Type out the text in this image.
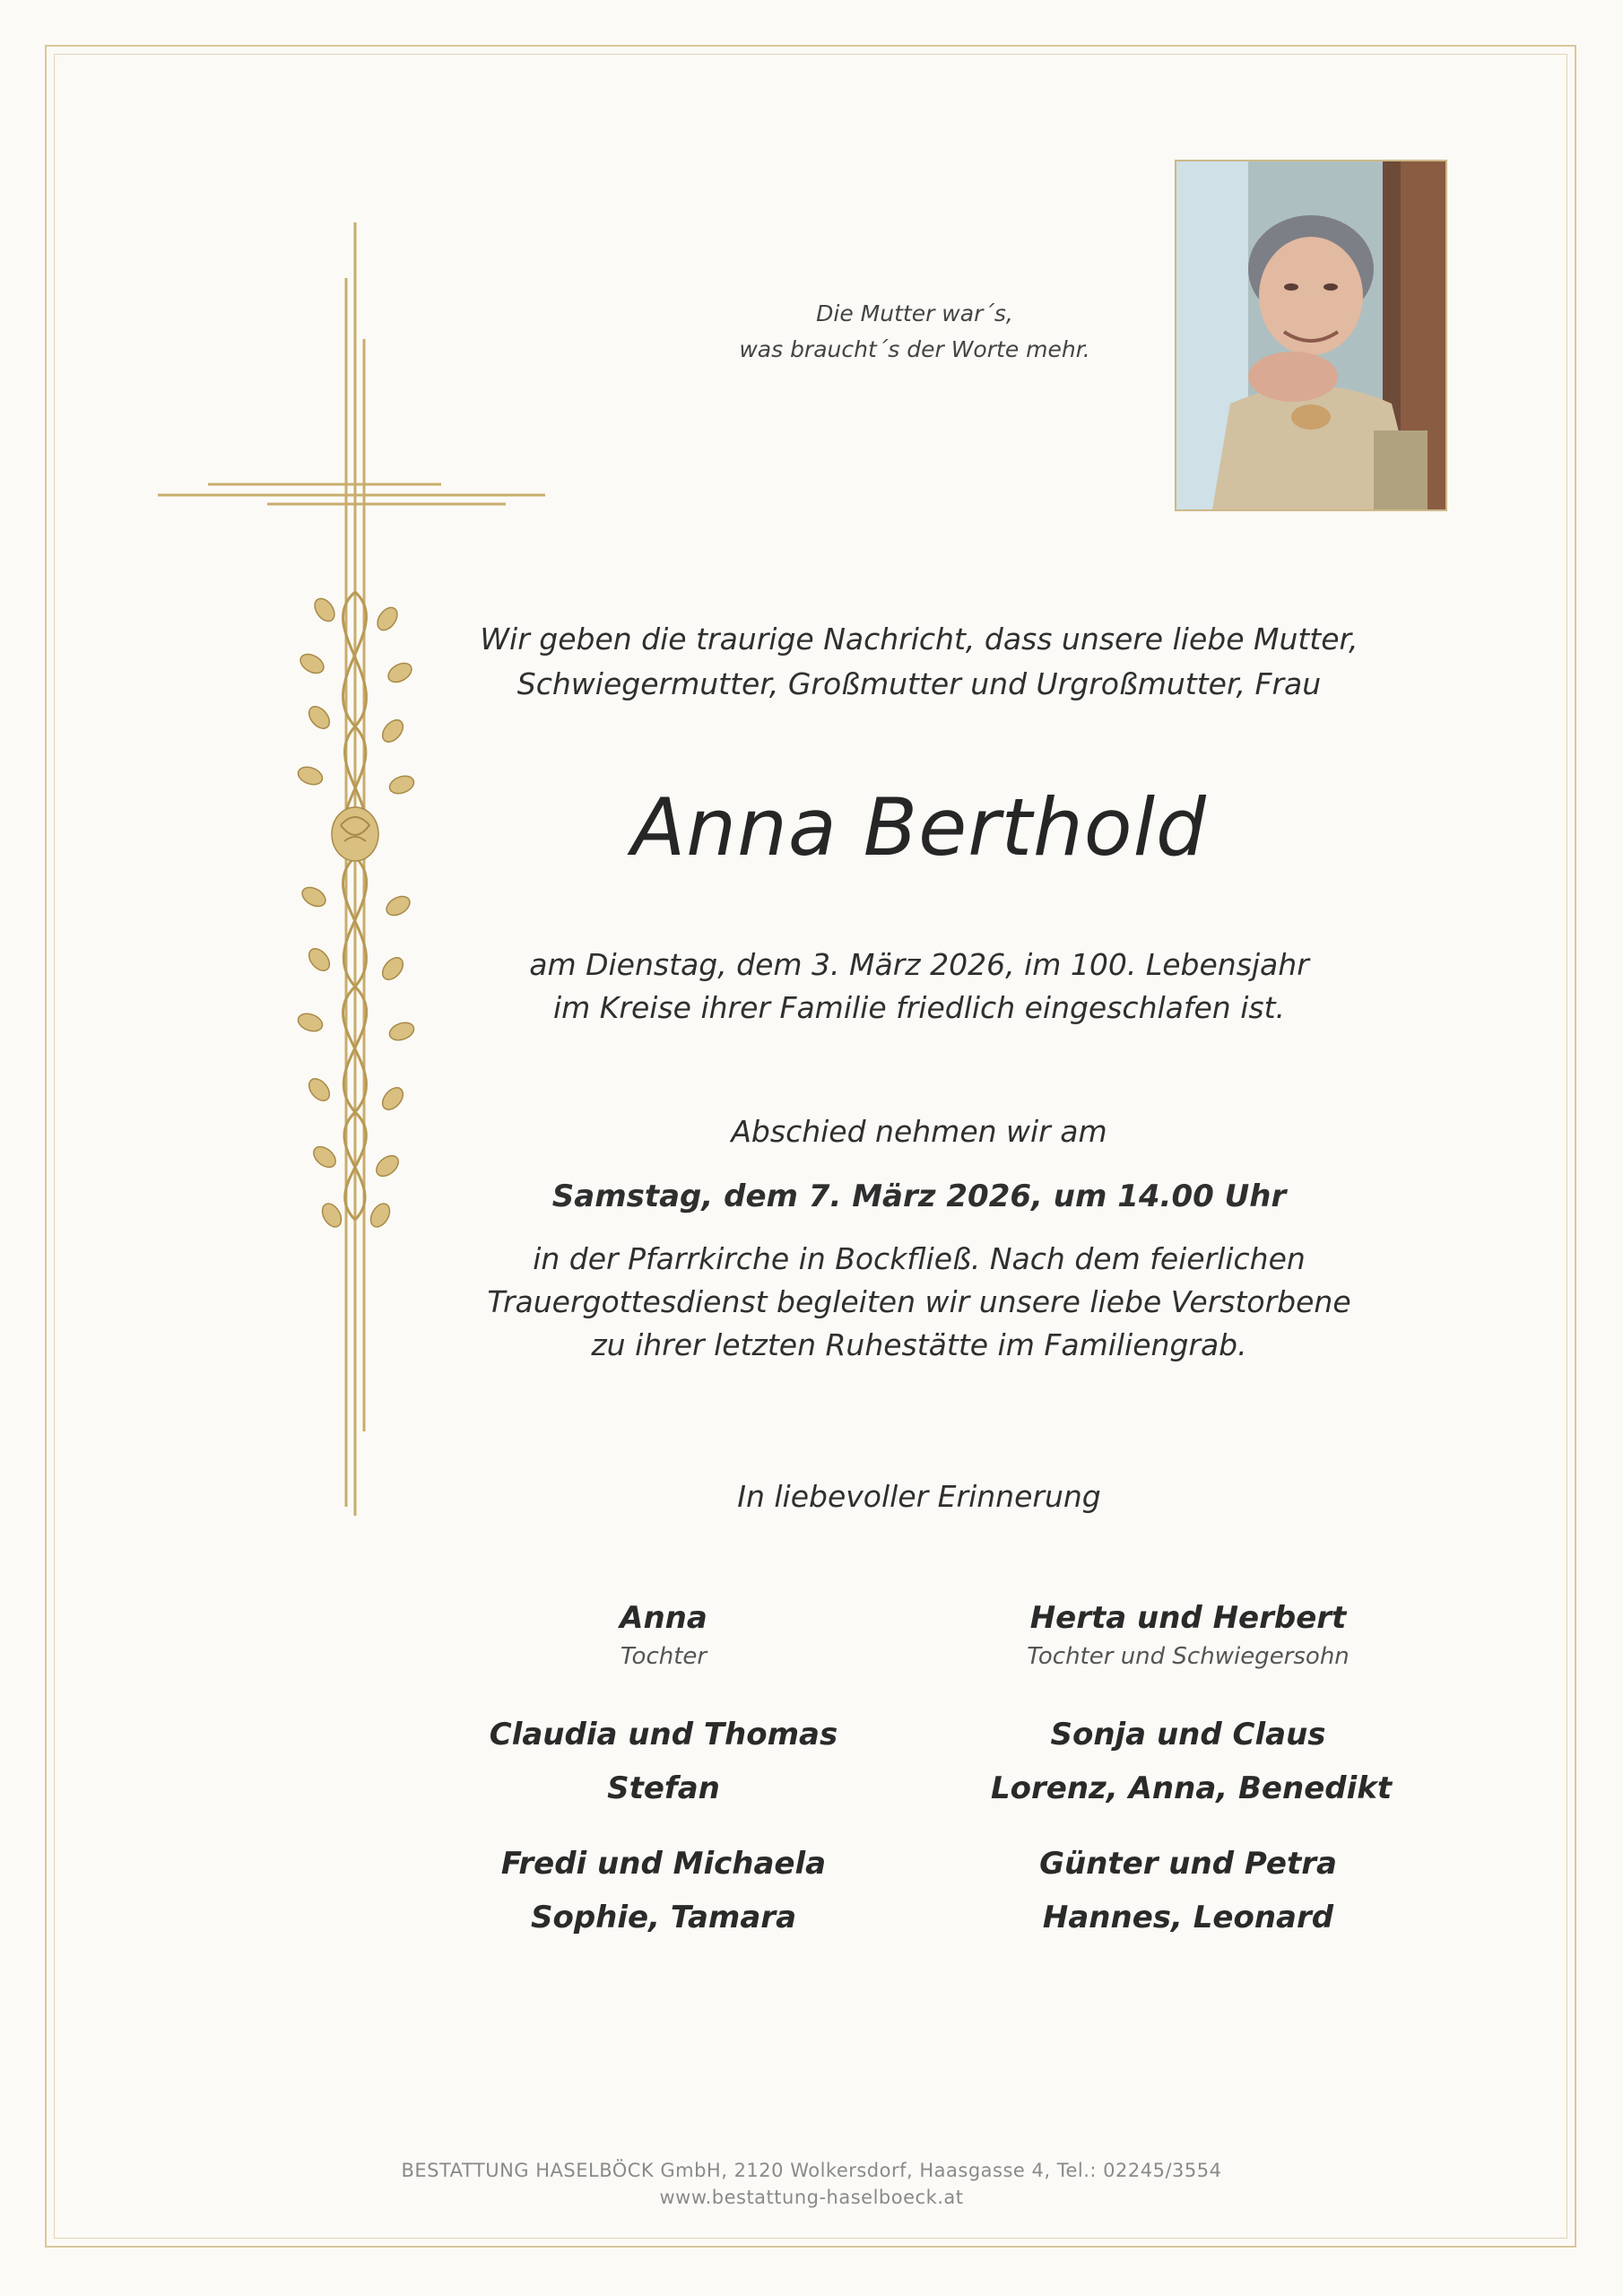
Die Mutter war´s,
was braucht´s der Worte mehr.
Wir geben die traurige Nachricht, dass unsere liebe Mutter,
Schwiegermutter, Großmutter und Urgroßmutter, Frau
Anna Berthold
am Dienstag, dem 3. März 2026, im 100. Lebensjahr
im Kreise ihrer Familie friedlich eingeschlafen ist.
Abschied nehmen wir am
Samstag, dem 7. März 2026, um 14.00 Uhr
in der Pfarrkirche in Bockfließ. Nach dem feierlichen
Trauergottesdienst begleiten wir unsere liebe Verstorbene
zu ihrer letzten Ruhestätte im Familiengrab.
In liebevoller Erinnerung
Anna
Tochter
Claudia und Thomas
Stefan
Fredi und Michaela
Sophie, Tamara
Herta und Herbert
Tochter und Schwiegersohn
Sonja und Claus
Lorenz, Anna, Benedikt
Günter und Petra
Hannes, Leonard
BESTATTUNG HASELBÖCK GmbH, 2120 Wolkersdorf, Haasgasse 4, Tel.: 02245/3554
www.bestattung-haselboeck.at
